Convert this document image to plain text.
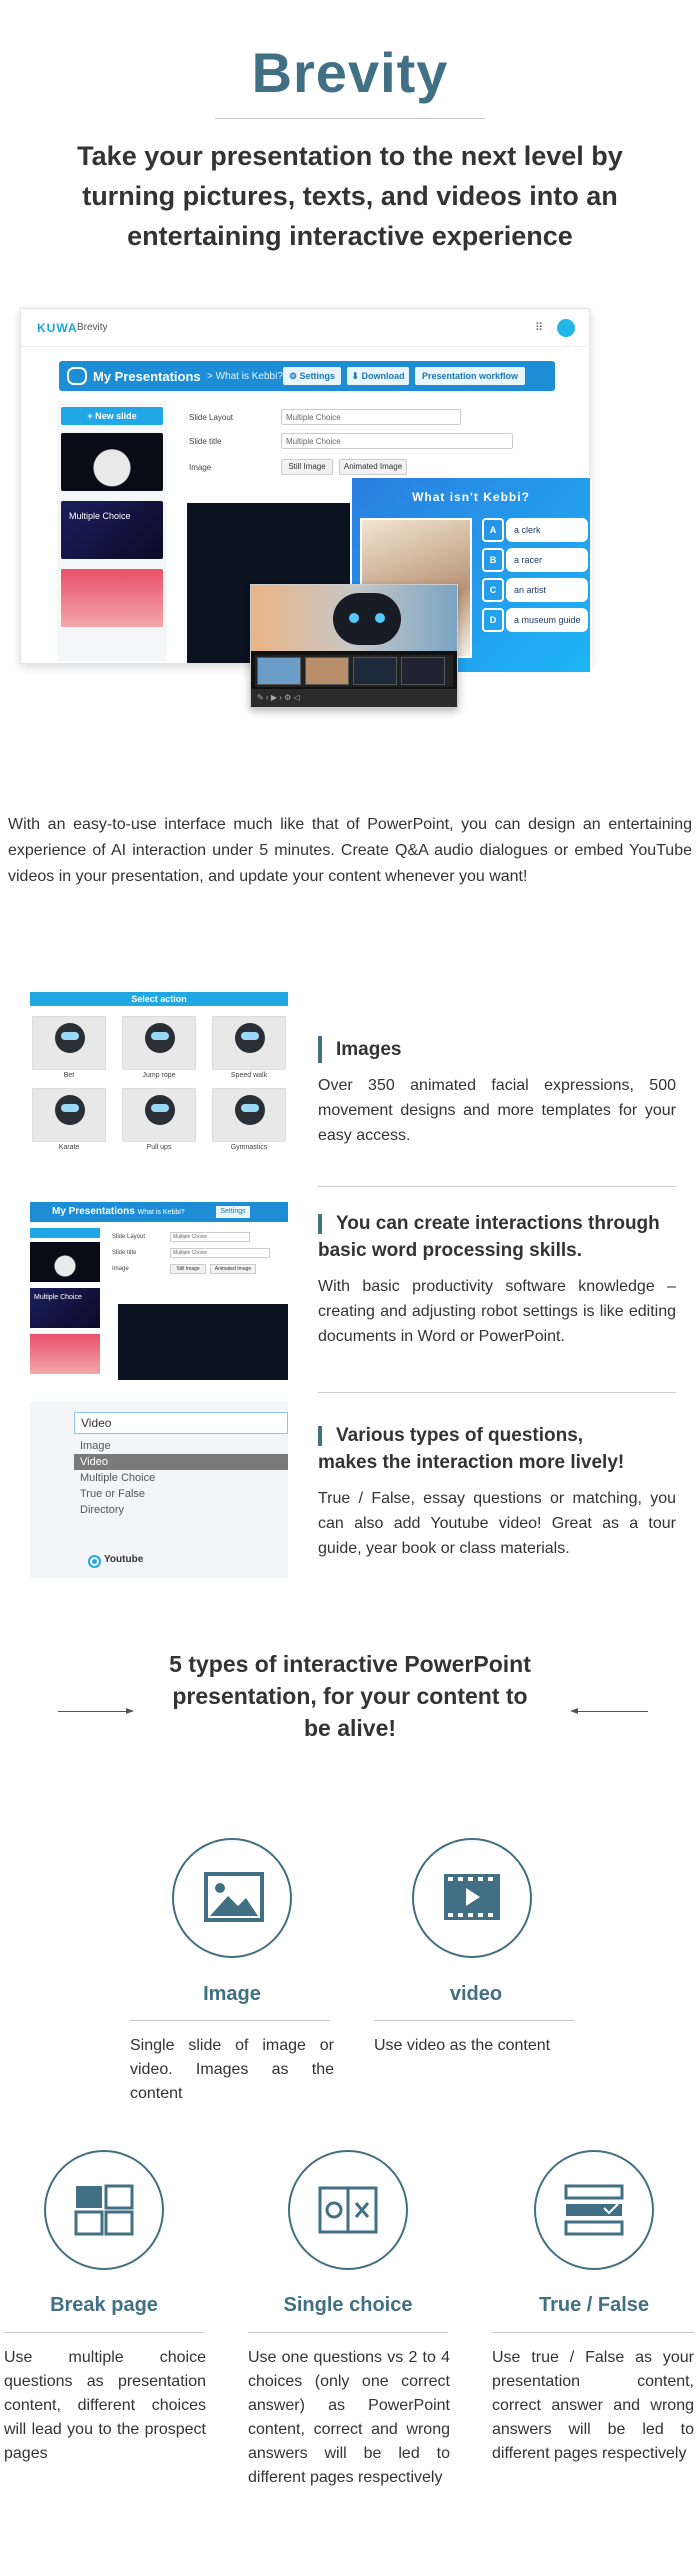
Brevity
Take your presentation to the next level by turning pictures, texts, and videos into an entertaining interactive experience
KUWA Brevity	⠿
My Presentations > What is Kebbi? ⚙ Settings	⬇ Download	Presentation workflow
+ New slide
Multiple Choice
Slide Layout	Multiple Choice
Slide title	Multiple Choice
Image	Still Image	Animated Image
What isn't Kebbi?
A	a clerk
B	a racer
C	an artist
D	a museum guide
✎ ‹ ▶ › ⚙ ◁
With an easy-to-use interface much like that of PowerPoint, you can design an entertaining experience of AI interaction under 5 minutes. Create Q&A audio dialogues or embed YouTube videos in your presentation, and update your content whenever you want!
Select action
Bet	Jump rope	Speed walk
Karate	Pull ups	Gymnastics
Images
Over 350 animated facial expressions, 500 movement designs and more templates for your easy access.
My Presentations What is Kebbi?	Settings
Multiple Choice
Slide Layout	Multiple Choice
Slide title	Multiple Choice
Image	Still Image	Animated Image
You can create interactions through
basic word processing skills.
With basic productivity software knowledge – creating and adjusting robot settings is like editing documents in Word or PowerPoint.
Video
Image
Video
Multiple Choice
True or False
Directory
Youtube
Various types of questions,
makes the interaction more lively!
True / False, essay questions or matching, you can also add Youtube video! Great as a tour guide, year book or class materials.
5 types of interactive PowerPoint
presentation, for your content to
be alive!
Image
Single slide of image or video. Images as the content
video
Use video as the content
Break page
Use multiple choice questions as presentation content, different choices will lead you to the prospect pages
Single choice
Use one questions vs 2 to 4 choices (only one correct answer) as PowerPoint content, correct and wrong answers will be led to different pages respectively
True / False
Use true / False as your presentation content, correct answer and wrong answers will be led to different pages respectively
